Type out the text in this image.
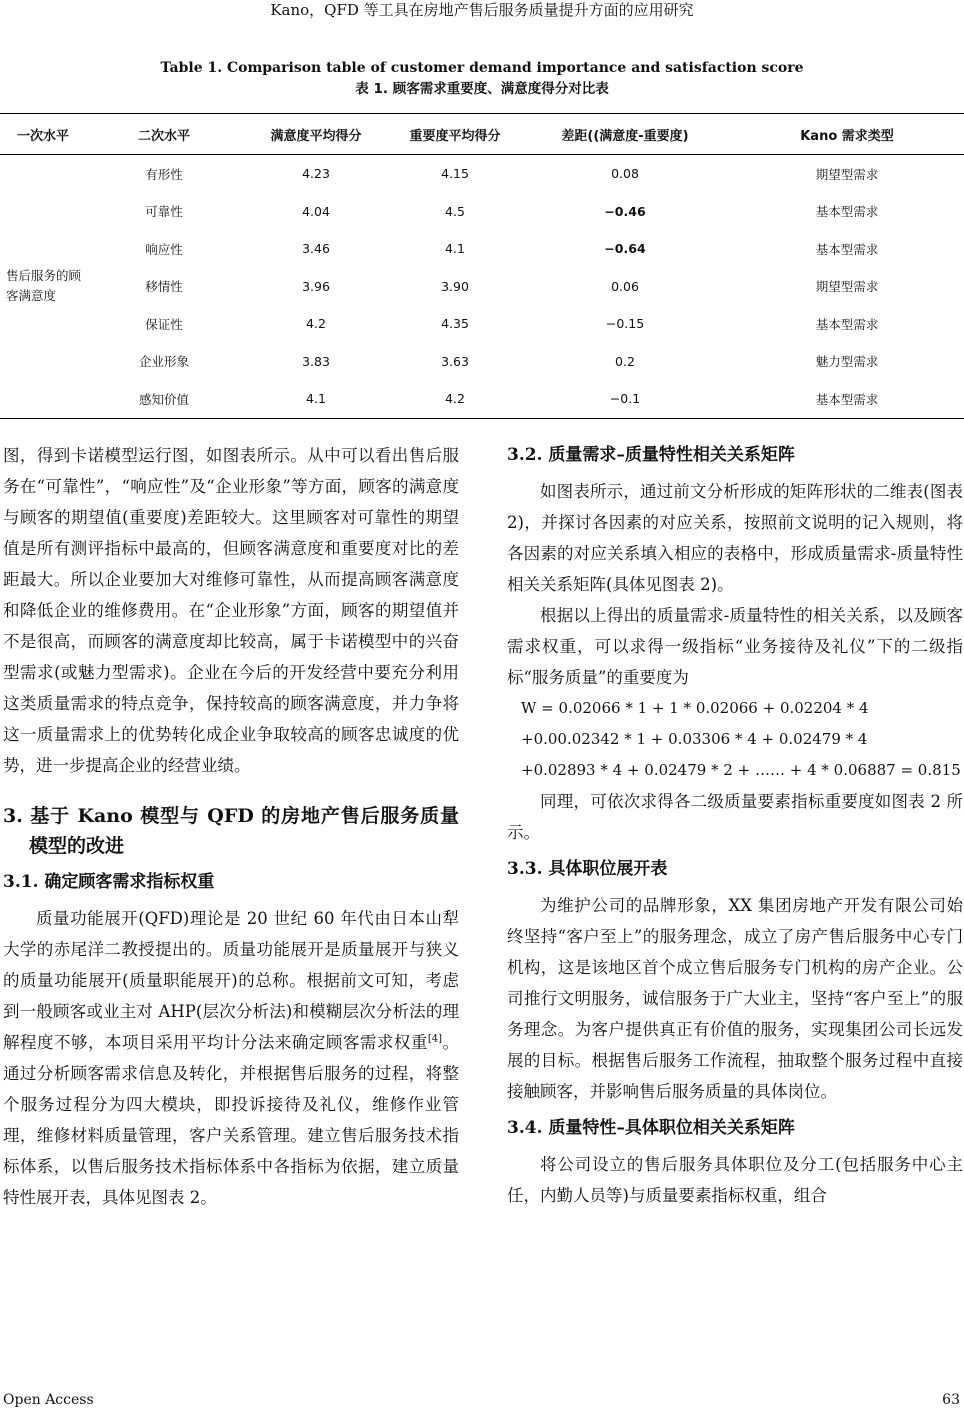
Kano，QFD 等工具在房地产售后服务质量提升方面的应用研究
Table 1. Comparison table of customer demand importance and satisfaction score
表 1. 顾客需求重要度、满意度得分对比表
一次水平	二次水平	满意度平均得分	重要度平均得分	差距((满意度-重要度)	Kano 需求类型
售后服务的顾客满意度	有形性	4.23	4.15	0.08	期望型需求
	可靠性	4.04	4.5	−0.46	基本型需求
	响应性	3.46	4.1	−0.64	基本型需求
	移情性	3.96	3.90	0.06	期望型需求
	保证性	4.2	4.35	−0.15	基本型需求
	企业形象	3.83	3.63	0.2	魅力型需求
	感知价值	4.1	4.2	−0.1	基本型需求

图，得到卡诺模型运行图，如图表所示。从中可以看出售后服务在“可靠性”，“响应性”及“企业形象”等方面，顾客的满意度与顾客的期望值(重要度)差距较大。这里顾客对可靠性的期望值是所有测评指标中最高的，但顾客满意度和重要度对比的差距最大。所以企业要加大对维修可靠性，从而提高顾客满意度和降低企业的维修费用。在“企业形象”方面，顾客的期望值并不是很高，而顾客的满意度却比较高，属于卡诺模型中的兴奋型需求(或魅力型需求)。企业在今后的开发经营中要充分利用这类质量需求的特点竞争，保持较高的顾客满意度，并力争将这一质量需求上的优势转化成企业争取较高的顾客忠诚度的优势，进一步提高企业的经营业绩。

3. 基于 Kano 模型与 QFD 的房地产售后服务质量模型的改进
3.1. 确定顾客需求指标权重

质量功能展开(QFD)理论是 20 世纪 60 年代由日本山犁大学的赤尾洋二教授提出的。质量功能展开是质量展开与狭义的质量功能展开(质量职能展开)的总称。根据前文可知，考虑到一般顾客或业主对 AHP(层次分析法)和模糊层次分析法的理解程度不够，本项目采用平均计分法来确定顾客需求权重[4]。通过分析顾客需求信息及转化，并根据售后服务的过程，将整个服务过程分为四大模块，即投诉接待及礼仪，维修作业管理，维修材料质量管理，客户关系管理。建立售后服务技术指标体系，以售后服务技术指标体系中各指标为依据，建立质量特性展开表，具体见图表 2。

3.2. 质量需求–质量特性相关关系矩阵

如图表所示，通过前文分析形成的矩阵形状的二维表(图表 2)，并探讨各因素的对应关系，按照前文说明的记入规则，将各因素的对应关系填入相应的表格中，形成质量需求-质量特性相关关系矩阵(具体见图表 2)。

根据以上得出的质量需求-质量特性的相关关系，以及顾客需求权重，可以求得一级指标“业务接待及礼仪”下的二级指标“服务质量”的重要度为

W = 0.02066 * 1 + 1 * 0.02066 + 0.02204 * 4
+0.00.02342 * 1 + 0.03306 * 4 + 0.02479 * 4
+0.02893 * 4 + 0.02479 * 2 + …… + 4 * 0.06887 = 0.815

同理，可依次求得各二级质量要素指标重要度如图表 2 所示。

3.3. 具体职位展开表

为维护公司的品牌形象，XX 集团房地产开发有限公司始终坚持“客户至上”的服务理念，成立了房产售后服务中心专门机构，这是该地区首个成立售后服务专门机构的房产企业。公司推行文明服务，诚信服务于广大业主，坚持“客户至上”的服务理念。为客户提供真正有价值的服务，实现集团公司长远发展的目标。根据售后服务工作流程，抽取整个服务过程中直接接触顾客，并影响售后服务质量的具体岗位。

3.4. 质量特性–具体职位相关关系矩阵

将公司设立的售后服务具体职位及分工(包括服务中心主任，内勤人员等)与质量要素指标权重，组合

Open Access	63
